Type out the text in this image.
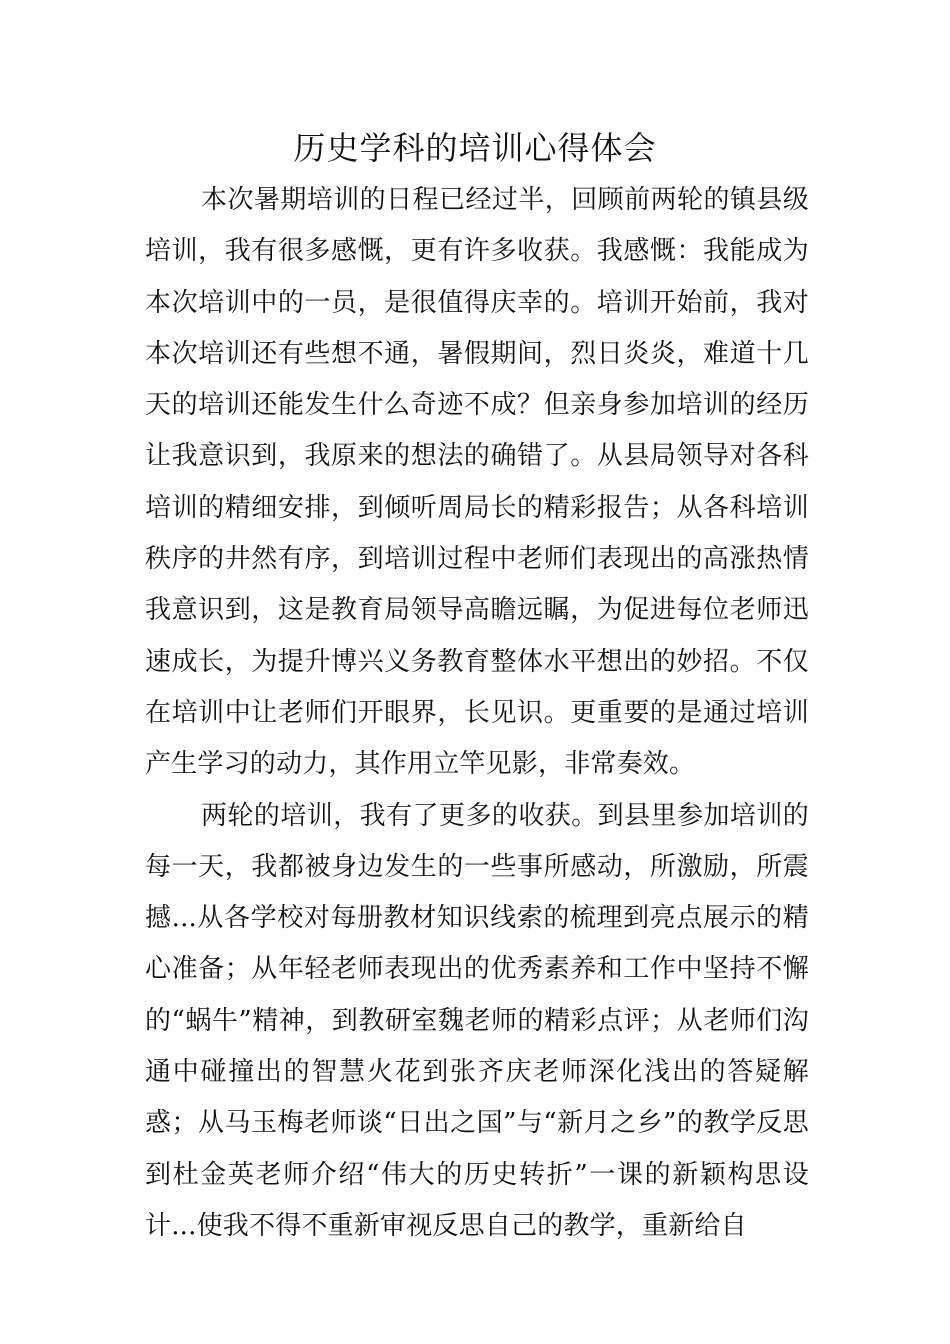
历史学科的培训心得体会

本次暑期培训的日程已经过半，回顾前两轮的镇县级培训，我有很多感慨，更有许多收获。我感慨：我能成为本次培训中的一员，是很值得庆幸的。培训开始前，我对本次培训还有些想不通，暑假期间，烈日炎炎，难道十几天的培训还能发生什么奇迹不成？但亲身参加培训的经历让我意识到，我原来的想法的确错了。从县局领导对各科培训的精细安排，到倾听周局长的精彩报告；从各科培训秩序的井然有序，到培训过程中老师们表现出的高涨热情我意识到，这是教育局领导高瞻远瞩，为促进每位老师迅速成长，为提升博兴义务教育整体水平想出的妙招。不仅在培训中让老师们开眼界，长见识。更重要的是通过培训产生学习的动力，其作用立竿见影，非常奏效。

两轮的培训，我有了更多的收获。到县里参加培训的每一天，我都被身边发生的一些事所感动，所激励，所震撼...从各学校对每册教材知识线索的梳理到亮点展示的精心准备；从年轻老师表现出的优秀素养和工作中坚持不懈的“蜗牛”精神，到教研室魏老师的精彩点评；从老师们沟通中碰撞出的智慧火花到张齐庆老师深化浅出的答疑解惑；从马玉梅老师谈“日出之国”与“新月之乡”的教学反思到杜金英老师介绍“伟大的历史转折”一课的新颖构思设计...使我不得不重新审视反思自己的教学，重新给自
